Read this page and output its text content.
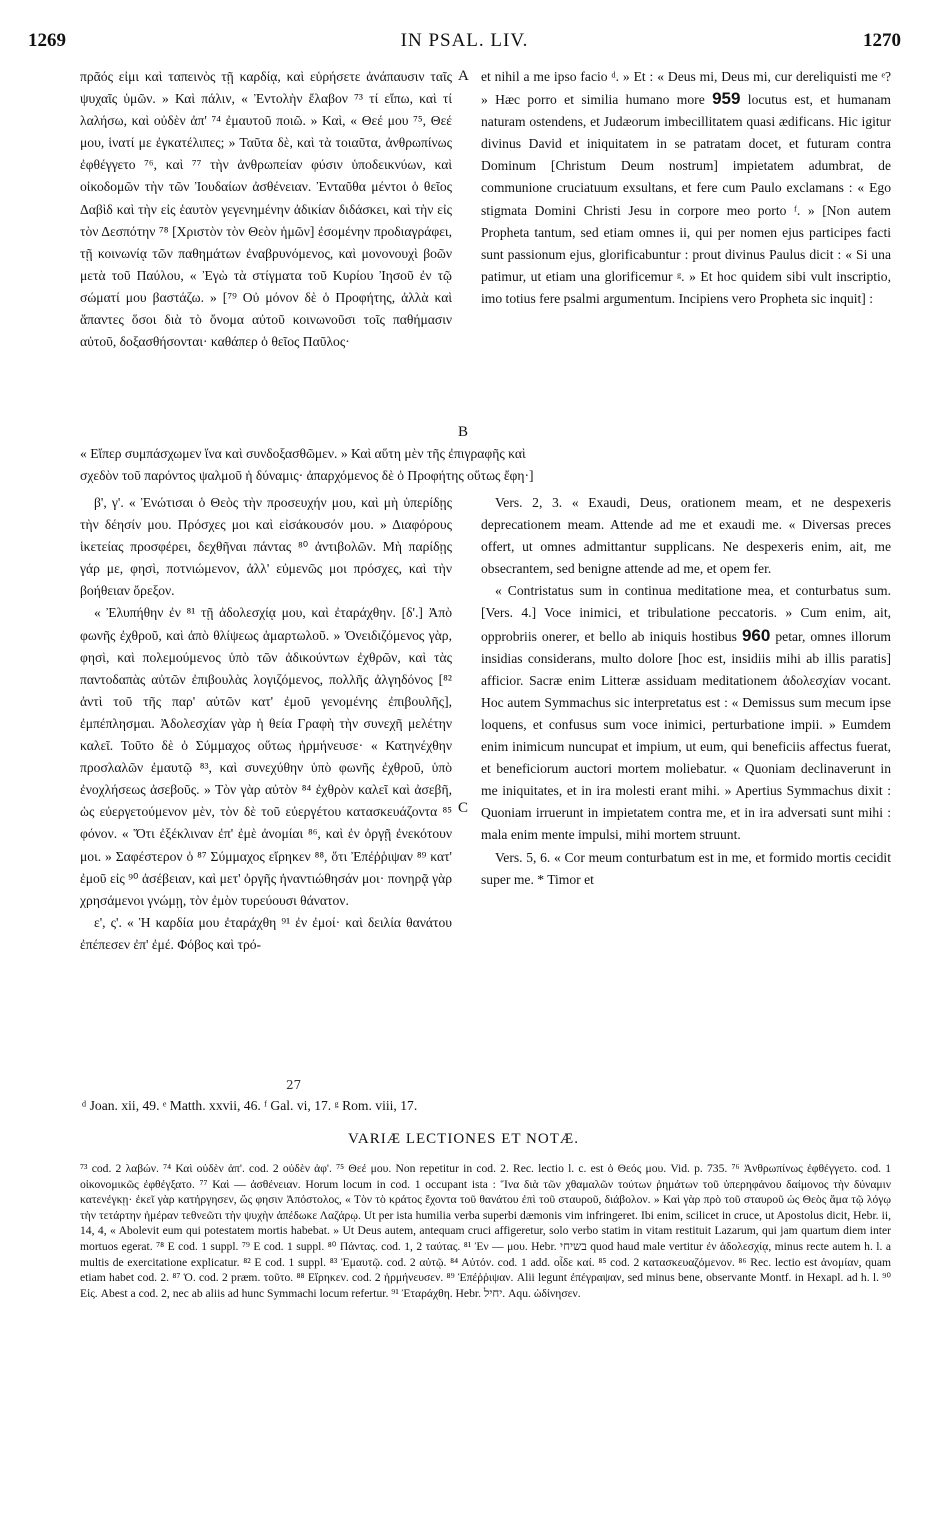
1269	IN PSAL. LIV.	1270

πρᾶός εἰμι καὶ ταπεινὸς τῇ καρδίᾳ, καὶ εὑρήσετε ἀνάπαυσιν ταῖς ψυχαῖς ὑμῶν. » Καὶ πάλιν, « Ἐντολὴν ἔλαβον ⁷³ τί εἴπω, καὶ τί λαλήσω, καὶ οὐδὲν ἀπ' ⁷⁴ ἐμαυτοῦ ποιῶ. » Καὶ, « Θεέ μου ⁷⁵, Θεέ μου, ἱνατί με ἐγκατέλιπες; » Ταῦτα δὲ, καὶ τὰ τοιαῦτα, ἀνθρωπίνως ἐφθέγγετο ⁷⁶, καὶ ⁷⁷ τὴν ἀνθρωπείαν φύσιν ὑποδεικνύων, καὶ οἰκοδομῶν τὴν τῶν Ἰουδαίων ἀσθένειαν. Ἐνταῦθα μέντοι ὁ θεῖος Δαβὶδ καὶ τὴν εἰς ἑαυτὸν γεγενημένην ἀδικίαν διδάσκει, καὶ τὴν εἰς τὸν Δεσπότην ⁷⁸ [Χριστὸν τὸν Θεὸν ἡμῶν] ἐσομένην προδιαγράφει, τῇ κοινωνίᾳ τῶν παθημάτων ἐναβρυνόμενος, καὶ μονονουχὶ βοῶν μετὰ τοῦ Παύλου, « Ἐγὼ τὰ στίγματα τοῦ Κυρίου Ἰησοῦ ἐν τῷ σώματί μου βαστάζω. » [⁷⁹ Οὐ μόνον δὲ ὁ Προφήτης, ἀλλὰ καὶ ἅπαντες ὅσοι διὰ τὸ ὄνομα αὐτοῦ κοινωνοῦσι τοῖς παθήμασιν αὐτοῦ, δοξασθήσονται· καθάπερ ὁ θεῖος Παῦλος·

et nihil a me ipso facio ᵈ. » Et : « Deus mi, Deus mi, cur dereliquisti me ᵉ? » Hæc porro et similia humano more 959 locutus est, et humanam naturam ostendens, et Judæorum imbecillitatem quasi ædificans. Hic igitur divinus David et iniquitatem in se patratam docet, et futuram contra Dominum [Christum Deum nostrum] impietatem adumbrat, de communione cruciatuum exsultans, et fere cum Paulo exclamans : « Ego stigmata Domini Christi Jesu in corpore meo porto ᶠ. » [Non autem Propheta tantum, sed etiam omnes ii, qui per nomen ejus participes facti sunt passionum ejus, glorificabuntur : prout divinus Paulus dicit : « Si una patimur, ut etiam una glorificemur ᵍ. » Et hoc quidem sibi vult inscriptio, imo totius fere psalmi argumentum. Incipiens vero Propheta sic inquit] :

A
B
C
« Εἴπερ συμπάσχωμεν ἵνα καὶ συνδοξασθῶμεν. » Καὶ αὕτη μὲν τῆς ἐπιγραφῆς καὶ
σχεδὸν τοῦ παρόντος ψαλμοῦ ἡ δύναμις· ἀπαρχόμενος δὲ ὁ Προφήτης οὕτως ἔφη·]

β', γ'. « Ἐνώτισαι ὁ Θεὸς τὴν προσευχήν μου, καὶ μὴ ὑπερίδῃς τὴν δέησίν μου. Πρόσχες μοι καὶ εἰσάκουσόν μου. » Διαφόρους ἱκετείας προσφέρει, δεχθῆναι πάντας ⁸⁰ ἀντιβολῶν. Μὴ παρίδῃς γάρ με, φησὶ, ποτνιώμενον, ἀλλ' εὐμενῶς μοι πρόσχες, καὶ τὴν βοήθειαν ὄρεξον.

« Ἐλυπήθην ἐν ⁸¹ τῇ ἀδολεσχίᾳ μου, καὶ ἐταράχθην. [δ'.] Ἀπὸ φωνῆς ἐχθροῦ, καὶ ἀπὸ θλίψεως ἁμαρτωλοῦ. » Ὀνειδιζόμενος γὰρ, φησὶ, καὶ πολεμούμενος ὑπὸ τῶν ἀδικούντων ἐχθρῶν, καὶ τὰς παντοδαπὰς αὐτῶν ἐπιβουλὰς λογιζόμενος, πολλῆς ἀλγηδόνος [⁸² ἀντὶ τοῦ τῆς παρ' αὐτῶν κατ' ἐμοῦ γενομένης ἐπιβουλῆς], ἐμπέπλησμαι. Ἀδολεσχίαν γὰρ ἡ θεία Γραφὴ τὴν συνεχῆ μελέτην καλεῖ. Τοῦτο δὲ ὁ Σύμμαχος οὕτως ἡρμήνευσε· « Κατηνέχθην προσλαλῶν ἐμαυτῷ ⁸³, καὶ συνεχύθην ὑπὸ φωνῆς ἐχθροῦ, ὑπὸ ἐνοχλήσεως ἀσεβοῦς. » Τὸν γὰρ αὐτὸν ⁸⁴ ἐχθρὸν καλεῖ καὶ ἀσεβῆ, ὡς εὐεργετούμενον μὲν, τὸν δὲ τοῦ εὐεργέτου κατασκευάζοντα ⁸⁵ φόνον. « Ὅτι ἐξέκλιναν ἐπ' ἐμὲ ἀνομίαι ⁸⁶, καὶ ἐν ὀργῇ ἐνεκότουν μοι. » Σαφέστερον ὁ ⁸⁷ Σύμμαχος εἴρηκεν ⁸⁸, ὅτι Ἐπέῤῥιψαν ⁸⁹ κατ' ἐμοῦ εἰς ⁹⁰ ἀσέβειαν, καὶ μετ' ὀργῆς ἠναντιώθησάν μοι· πονηρᾷ γὰρ χρησάμενοι γνώμῃ, τὸν ἐμὸν τυρεύουσι θάνατον.

ε', ς'. « Ἡ καρδία μου ἐταράχθη ⁹¹ ἐν ἐμοί· καὶ δειλία θανάτου ἐπέπεσεν ἐπ' ἐμέ. Φόβος καὶ τρό-

Vers. 2, 3. « Exaudi, Deus, orationem meam, et ne despexeris deprecationem meam. Attende ad me et exaudi me. « Diversas preces offert, ut omnes admittantur supplicans. Ne despexeris enim, ait, me obsecrantem, sed benigne attende ad me, et opem fer.

« Contristatus sum in continua meditatione mea, et conturbatus sum. [Vers. 4.] Voce inimici, et tribulatione peccatoris. » Cum enim, ait, opprobriis onerer, et bello ab iniquis hostibus 960 petar, omnes illorum insidias considerans, multo dolore [hoc est, insidiis mihi ab illis paratis] afficior. Sacræ enim Litteræ assiduam meditationem ἀδολεσχίαν vocant. Hoc autem Symmachus sic interpretatus est : « Demissus sum mecum ipse loquens, et confusus sum voce inimici, perturbatione impii. » Eumdem enim inimicum nuncupat et impium, ut eum, qui beneficiis affectus fuerat, et beneficiorum auctori mortem moliebatur. « Quoniam declinaverunt in me iniquitates, et in ira molesti erant mihi. » Apertius Symmachus dixit : Quoniam irruerunt in impietatem contra me, et in ira adversati sunt mihi : mala enim mente impulsi, mihi mortem struunt.

Vers. 5, 6. « Cor meum conturbatum est in me, et formido mortis cecidit super me. * Timor et

27
ᵈ Joan. xii, 49. ᵉ Matth. xxvii, 46. ᶠ Gal. vi, 17. ᵍ Rom. viii, 17.
VARIÆ LECTIONES ET NOTÆ.

⁷³ cod. 2 λαβών. ⁷⁴ Καὶ οὐδὲν ἀπ'. cod. 2 οὐδὲν ἀφ'. ⁷⁵ Θεέ μου. Non repetitur in cod. 2. Rec. lectio l. c. est ὁ Θεός μου. Vid. p. 735. ⁷⁶ Ἀνθρωπίνως ἐφθέγγετο. cod. 1 οἰκονομικῶς ἐφθέγξατο. ⁷⁷ Καὶ — ἀσθένειαν. Horum locum in cod. 1 occupant ista : Ἵνα διὰ τῶν χθαμαλῶν τούτων ῥημάτων τοῦ ὑπερηφάνου δαίμονος τὴν δύναμιν κατενέγκῃ· ἐκεῖ γὰρ κατήργησεν, ὥς φησιν Ἀπόστολος, « Τὸν τὸ κράτος ἔχοντα τοῦ θανάτου ἐπὶ τοῦ σταυροῦ, διάβολον. » Καὶ γὰρ πρὸ τοῦ σταυροῦ ὡς Θεὸς ἅμα τῷ λόγῳ τὴν τετάρτην ἡμέραν τεθνεῶτι τὴν ψυχὴν ἀπέδωκε Λαζάρῳ. Ut per ista humilia verba superbi dæmonis vim infringeret. Ibi enim, scilicet in cruce, ut Apostolus dicit, Hebr. ii, 14, 4, « Abolevit eum qui potestatem mortis habebat. » Ut Deus autem, antequam cruci affigeretur, solo verbo statim in vitam restituit Lazarum, qui jam quartum diem inter mortuos egerat. ⁷⁸ E cod. 1 suppl. ⁷⁹ E cod. 1 suppl. ⁸⁰ Πάντας. cod. 1, 2 ταύτας. ⁸¹ Ἐν — μου. Hebr. בשיחי quod haud male vertitur ἐν ἀδολεσχίᾳ, minus recte autem h. l. a multis de exercitatione explicatur. ⁸² E cod. 1 suppl. ⁸³ Ἐμαυτῷ. cod. 2 αὐτῷ. ⁸⁴ Αὐτόν. cod. 1 add. οἶδε καί. ⁸⁵ cod. 2 κατασκευαζόμενον. ⁸⁶ Rec. lectio est ἀνομίαν, quam etiam habet cod. 2. ⁸⁷ Ὁ. cod. 2 præm. τοῦτο. ⁸⁸ Εἴρηκεν. cod. 2 ἡρμήνευσεν. ⁸⁹ Ἐπέῤῥιψαν. Alii legunt ἐπέγραψαν, sed minus bene, observante Montf. in Hexapl. ad h. l. ⁹⁰ Εἰς. Abest a cod. 2, nec ab aliis ad hunc Symmachi locum refertur. ⁹¹ Ἐταράχθη. Hebr. יחיל. Aqu. ὠδίνησεν.
